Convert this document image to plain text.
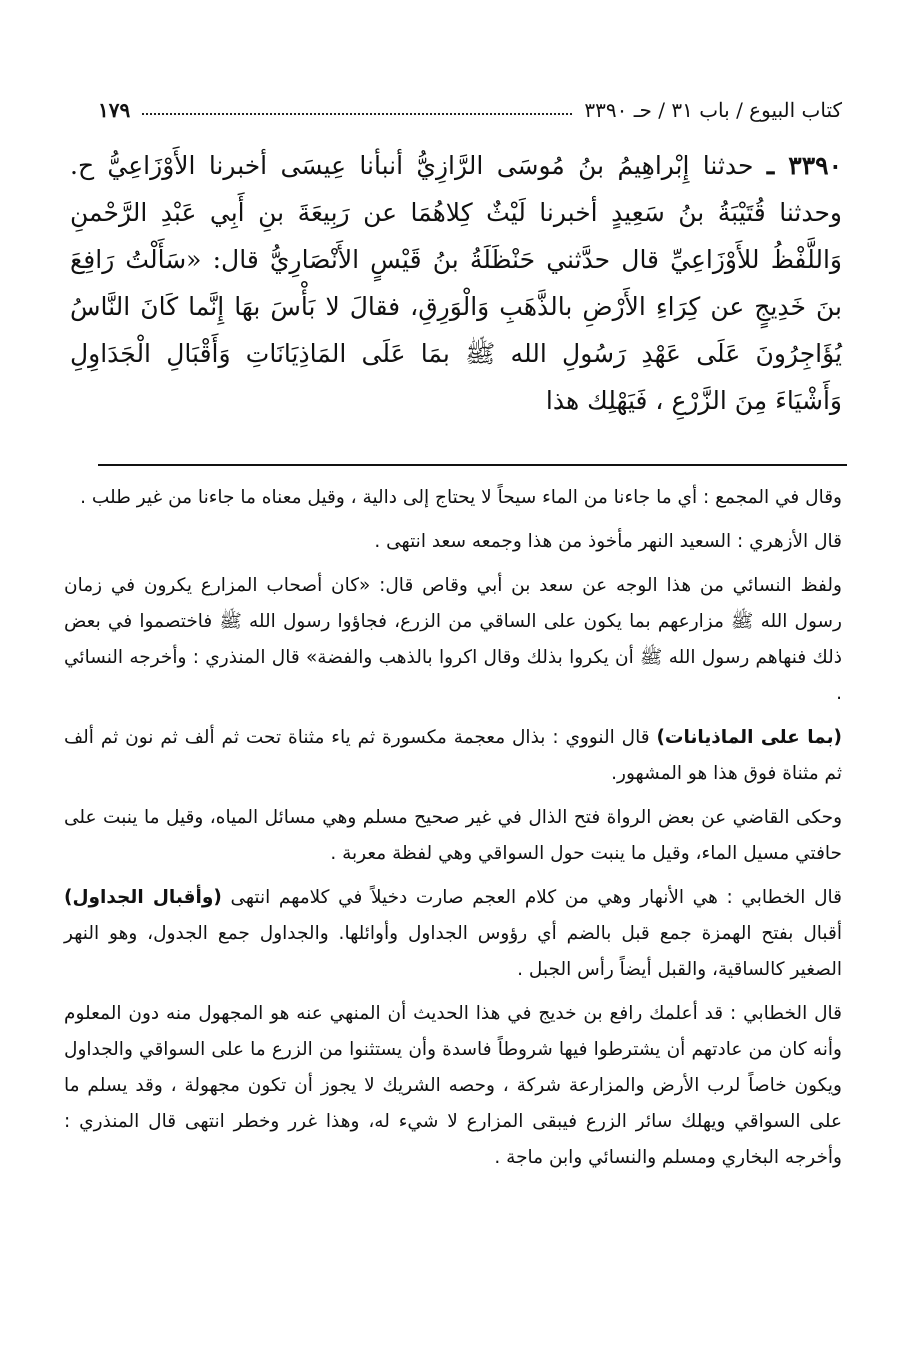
كتاب البيوع / باب ٣١ / حـ ٣٣٩٠
١٧٩
٣٣٩٠ ـ حدثنا إِبْراهِيمُ بنُ مُوسَى الرَّازِيُّ أنبأنا عِيسَى أخبرنا الأَوْزَاعِيُّ ح. وحدثنا قُتَيْبَةُ بنُ سَعِيدٍ أخبرنا لَيْثٌ كِلاهُمَا عن رَبِيعَةَ بنِ أَبِي عَبْدِ الرَّحْمنِ وَاللَّفْظُ للأَوْزَاعِيِّ قال حدَّثني حَنْظَلَةُ بنُ قَيْسٍ الأَنْصَارِيُّ قال: «سَأَلْتُ رَافِعَ بنَ خَدِيجٍ عن كِرَاءِ الأَرْضِ بالذَّهَبِ وَالْوَرِقِ، فقالَ لا بَأْسَ بهَا إِنَّما كَانَ النَّاسُ يُؤَاجِرُونَ عَلَى عَهْدِ رَسُولِ الله ﷺ بمَا عَلَى المَاذِيَانَاتِ وَأَقْبَالِ الْجَدَاوِلِ وَأَشْيَاءَ مِنَ الزَّرْعِ ، فَيَهْلِك هذا

وقال في المجمع : أي ما جاءنا من الماء سيحاً لا يحتاج إلى دالية ، وقيل معناه ما جاءنا من غير طلب .

قال الأزهري : السعيد النهر مأخوذ من هذا وجمعه سعد انتهى .

ولفظ النسائي من هذا الوجه عن سعد بن أبي وقاص قال: «كان أصحاب المزارع يكرون في زمان رسول الله ﷺ مزارعهم بما يكون على الساقي من الزرع، فجاؤوا رسول الله ﷺ فاختصموا في بعض ذلك فنهاهم رسول الله ﷺ أن يكروا بذلك وقال اكروا بالذهب والفضة» قال المنذري : وأخرجه النسائي .

(بما على الماذيانات) قال النووي : بذال معجمة مكسورة ثم ياء مثناة تحت ثم ألف ثم نون ثم ألف ثم مثناة فوق هذا هو المشهور.

وحكى القاضي عن بعض الرواة فتح الذال في غير صحيح مسلم وهي مسائل المياه، وقيل ما ينبت على حافتي مسيل الماء، وقيل ما ينبت حول السواقي وهي لفظة معربة .

قال الخطابي : هي الأنهار وهي من كلام العجم صارت دخيلاً في كلامهم انتهى (وأقبال الجداول) أقبال بفتح الهمزة جمع قبل بالضم أي رؤوس الجداول وأوائلها. والجداول جمع الجدول، وهو النهر الصغير كالساقية، والقبل أيضاً رأس الجبل .

قال الخطابي : قد أعلمك رافع بن خديج في هذا الحديث أن المنهي عنه هو المجهول منه دون المعلوم وأنه كان من عادتهم أن يشترطوا فيها شروطاً فاسدة وأن يستثنوا من الزرع ما على السواقي والجداول ويكون خاصاً لرب الأرض والمزارعة شركة ، وحصه الشريك لا يجوز أن تكون مجهولة ، وقد يسلم ما على السواقي ويهلك سائر الزرع فيبقى المزارع لا شيء له، وهذا غرر وخطر انتهى قال المنذري : وأخرجه البخاري ومسلم والنسائي وابن ماجة .
